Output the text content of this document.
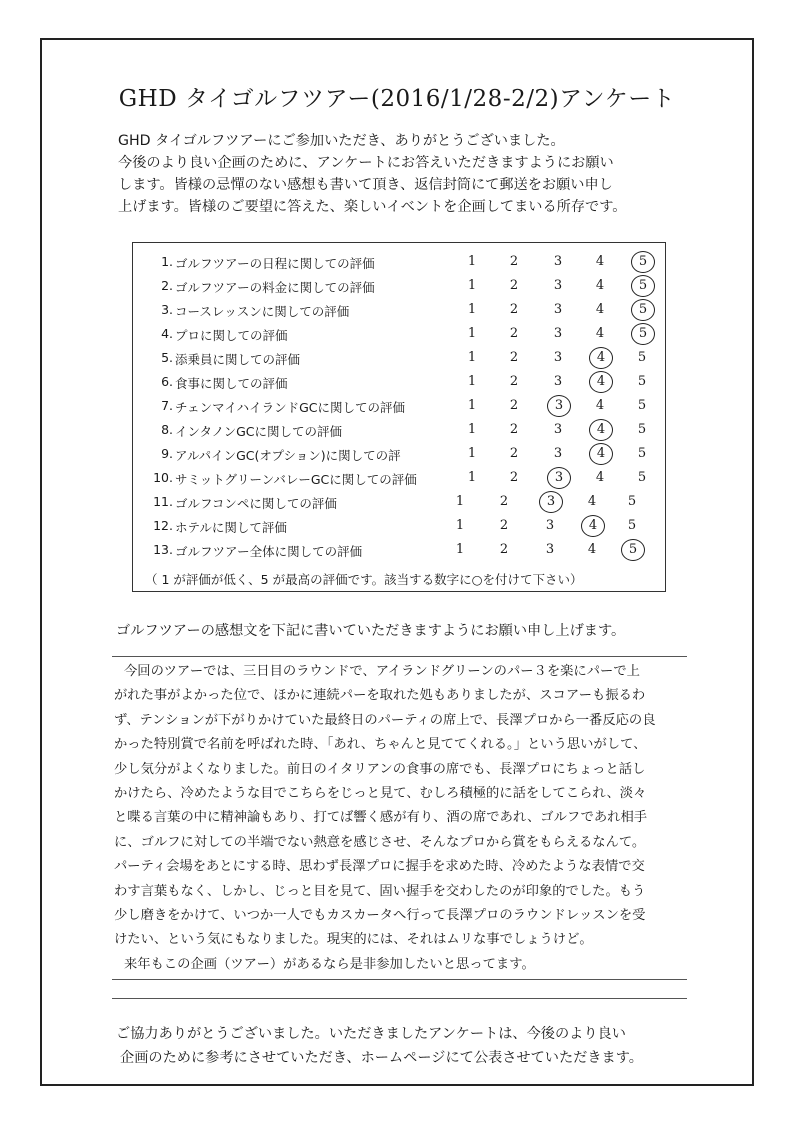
GHD タイゴルフツアー(2016/1/28-2/2)アンケート

GHD タイゴルフツアーにご参加いただき、ありがとうございました。

今後のより良い企画のために、アンケートにお答えいただきますようにお願い

します。皆様の忌憚のない感想も書いて頂き、返信封筒にて郵送をお願い申し

上げます。皆様のご要望に答えた、楽しいイベントを企画してまいる所存です。

（ 1 が評価が低く、5 が最高の評価です。該当する数字に○を付けて下さい）
1. ゴルフツアーの日程に関しての評価	1	2	3	4	5
2. ゴルフツアーの料金に関しての評価	1	2	3	4	5
3. コースレッスンに関しての評価	1	2	3	4	5
4. プロに関しての評価	1	2	3	4	5
5. 添乗員に関しての評価	1	2	3	4	5
6. 食事に関しての評価	1	2	3	4	5
7. チェンマイハイランドGCに関しての評価	1	2	3	4	5
8. インタノンGCに関しての評価	1	2	3	4	5
9. アルパインGC(オプション)に関しての評	1	2	3	4	5
10. サミットグリーンバレーGCに関しての評価	1	2	3	4	5
11. ゴルフコンペに関しての評価	1	2	3	4	5
12. ホテルに関して評価	1	2	3	4	5
13. ゴルフツアー全体に関しての評価	1	2	3	4	5
ゴルフツアーの感想文を下記に書いていただきますようにお願い申し上げます。
今回のツアーでは、三日目のラウンドで、アイランドグリーンのパー３を楽にパーで上
がれた事がよかった位で、ほかに連続パーを取れた処もありましたが、スコアーも振るわ
ず、テンションが下がりかけていた最終日のパーティの席上で、長澤プロから一番反応の良
かった特別賞で名前を呼ばれた時、「あれ、ちゃんと見ててくれる。」という思いがして、
少し気分がよくなりました。前日のイタリアンの食事の席でも、長澤プロにちょっと話し
かけたら、冷めたような目でこちらをじっと見て、むしろ積極的に話をしてこられ、淡々
と喋る言葉の中に精神論もあり、打てば響く感が有り、酒の席であれ、ゴルフであれ相手
に、ゴルフに対しての半端でない熱意を感じさせ、そんなプロから賞をもらえるなんて。
パーティ会場をあとにする時、思わず長澤プロに握手を求めた時、冷めたような表情で交
わす言葉もなく、しかし、じっと目を見て、固い握手を交わしたのが印象的でした。もう
少し磨きをかけて、いつか一人でもカスカータへ行って長澤プロのラウンドレッスンを受
けたい、という気にもなりました。現実的には、それはムリな事でしょうけど。
来年もこの企画（ツアー）があるなら是非参加したいと思ってます。

ご協力ありがとうございました。いただきましたアンケートは、今後のより良い

企画のために参考にさせていただき、ホームページにて公表させていただきます。
